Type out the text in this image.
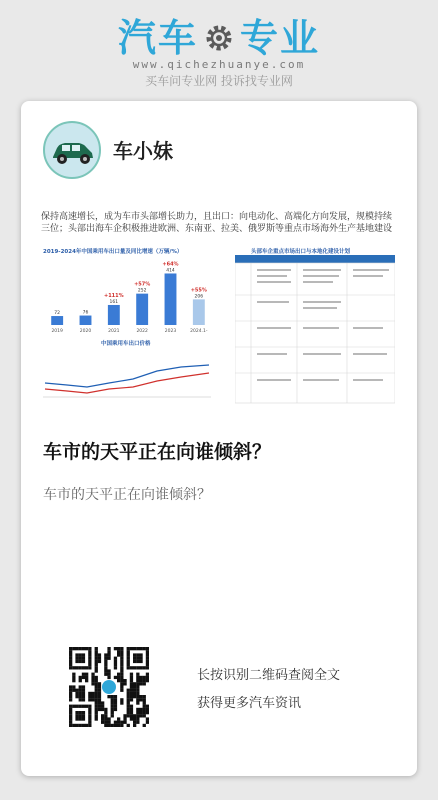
汽车 专业
www.qichezhuanye.com
买车问专业网 投诉找专业网
车小妹
保持高速增长，成为车市头部增长助力，且出口：向电动化、高端化方向发展，规模持续三位；头部出海车企积极推进欧洲、东南亚、拉美、俄罗斯等重点市场海外生产基地建设
2019-2024年中国乘用车出口量及同比增速（万辆/%）
72
2019
76
2020
161
+111%
2021
252
+57%
2022
414
+64%
2023
206
+55%
2024.1-
中国乘用车出口价格
头部车企重点市场出口与本地化建设计划
车市的天平正在向谁倾斜？
车市的天平正在向谁倾斜？
长按识别二维码查阅全文
获得更多汽车资讯
